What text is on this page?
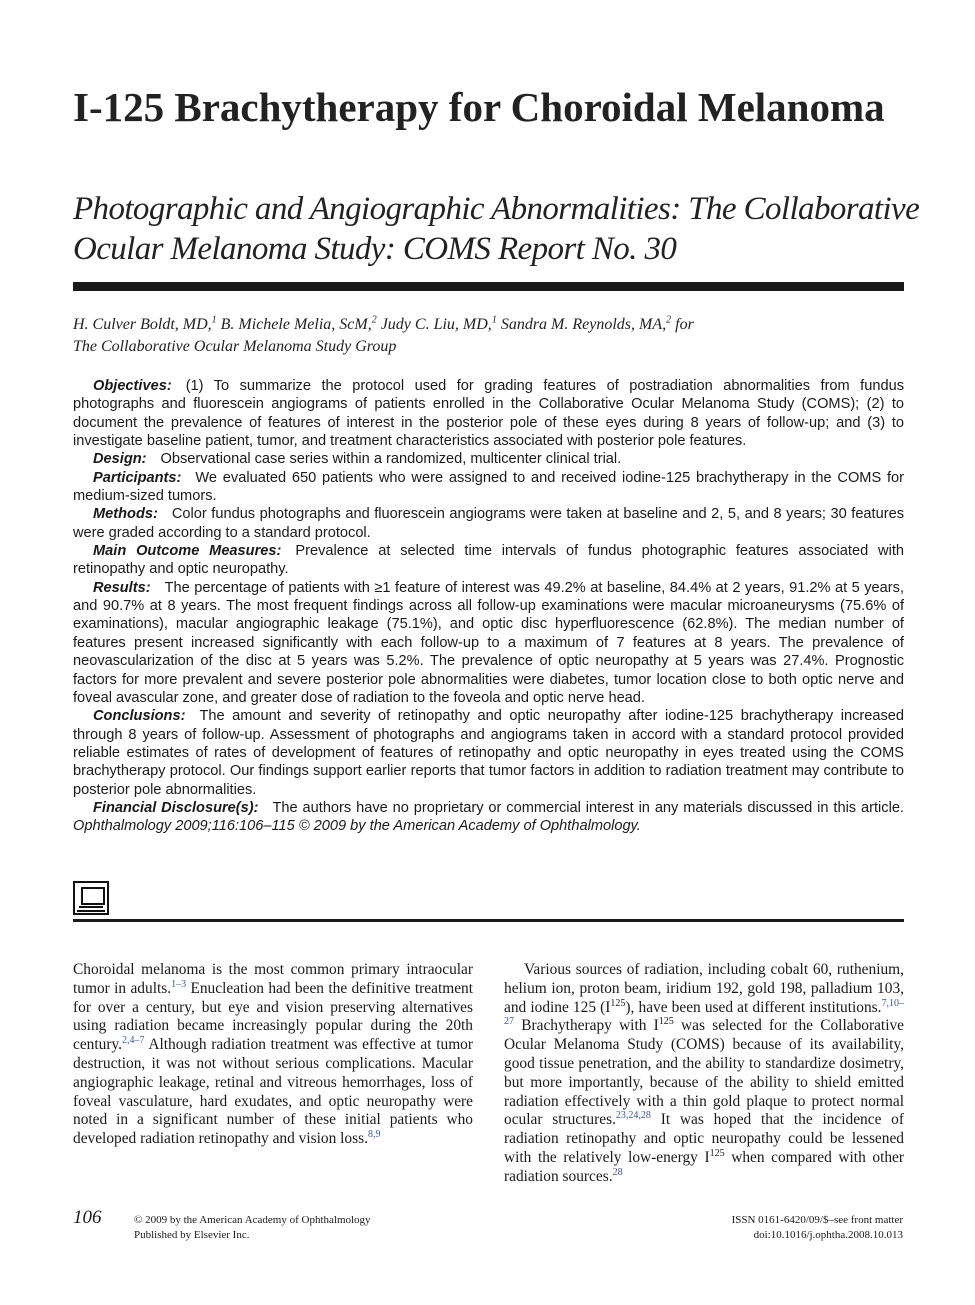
I-125 Brachytherapy for Choroidal Melanoma
Photographic and Angiographic Abnormalities: The Collaborative Ocular Melanoma Study: COMS Report No. 30
H. Culver Boldt, MD,$^1$ B. Michele Melia, ScM,$^2$ Judy C. Liu, MD,$^1$ Sandra M. Reynolds, MA,$^2$ for
The Collaborative Ocular Melanoma Study Group

Objectives: (1) To summarize the protocol used for grading features of postradiation abnormalities from fundus photographs and fluorescein angiograms of patients enrolled in the Collaborative Ocular Melanoma Study (COMS); (2) to document the prevalence of features of interest in the posterior pole of these eyes during 8 years of follow-up; and (3) to investigate baseline patient, tumor, and treatment characteristics associated with posterior pole features.

Design: Observational case series within a randomized, multicenter clinical trial.

Participants: We evaluated 650 patients who were assigned to and received iodine-125 brachytherapy in the COMS for medium-sized tumors.

Methods: Color fundus photographs and fluorescein angiograms were taken at baseline and 2, 5, and 8 years; 30 features were graded according to a standard protocol.

Main Outcome Measures: Prevalence at selected time intervals of fundus photographic features associated with retinopathy and optic neuropathy.

Results: The percentage of patients with ≥1 feature of interest was 49.2% at baseline, 84.4% at 2 years, 91.2% at 5 years, and 90.7% at 8 years. The most frequent findings across all follow-up examinations were macular microaneurysms (75.6% of examinations), macular angiographic leakage (75.1%), and optic disc hyperfluorescence (62.8%). The median number of features present increased significantly with each follow-up to a maximum of 7 features at 8 years. The prevalence of neovascularization of the disc at 5 years was 5.2%. The prevalence of optic neuropathy at 5 years was 27.4%. Prognostic factors for more prevalent and severe posterior pole abnormalities were diabetes, tumor location close to both optic nerve and foveal avascular zone, and greater dose of radiation to the foveola and optic nerve head.

Conclusions: The amount and severity of retinopathy and optic neuropathy after iodine-125 brachytherapy increased through 8 years of follow-up. Assessment of photographs and angiograms taken in accord with a standard protocol provided reliable estimates of rates of development of features of retinopathy and optic neuropathy in eyes treated using the COMS brachytherapy protocol. Our findings support earlier reports that tumor factors in addition to radiation treatment may contribute to posterior pole abnormalities.

Financial Disclosure(s): The authors have no proprietary or commercial interest in any materials discussed in this article. Ophthalmology 2009;116:106–115 © 2009 by the American Academy of Ophthalmology.

Choroidal melanoma is the most common primary intraocular tumor in adults.$^{1-3}$ Enucleation had been the definitive treatment for over a century, but eye and vision preserving alternatives using radiation became increasingly popular during the 20th century.$^{2,4-7}$ Although radiation treatment was effective at tumor destruction, it was not without serious complications. Macular angiographic leakage, retinal and vitreous hemorrhages, loss of foveal vasculature, hard exudates, and optic neuropathy were noted in a significant number of these initial patients who developed radiation retinopathy and vision loss.$^{8,9}$

Various sources of radiation, including cobalt 60, ruthenium, helium ion, proton beam, iridium 192, gold 198, palladium 103, and iodine 125 $(I^{125})$, have been used at different institutions.$^{7,10-27}$ Brachytherapy with $I^{125}$ was selected for the Collaborative Ocular Melanoma Study (COMS) because of its availability, good tissue penetration, and the ability to standardize dosimetry, but more importantly, because of the ability to shield emitted radiation effectively with a thin gold plaque to protect normal ocular structures.$^{23,24,28}$ It was hoped that the incidence of radiation retinopathy and optic neuropathy could be lessened with the relatively low-energy $I^{125}$ when compared with other radiation sources.$^{28}$

106	© 2009 by the American Academy of Ophthalmology
Published by Elsevier Inc.
ISSN 0161-6420/09/$–see front matter
doi:10.1016/j.ophtha.2008.10.013
